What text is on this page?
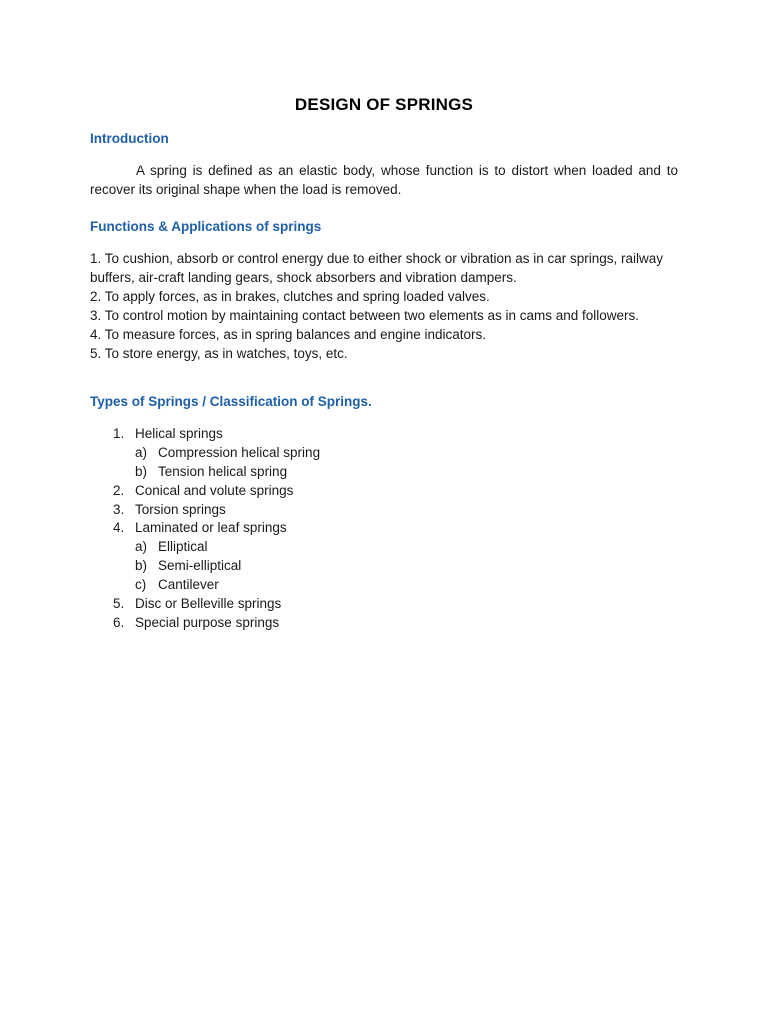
DESIGN OF SPRINGS
Introduction
A spring is defined as an elastic body, whose function is to distort when loaded and to recover its original shape when the load is removed.
Functions & Applications of springs
1. To cushion, absorb or control energy due to either shock or vibration as in car springs, railway buffers, air-craft landing gears, shock absorbers and vibration dampers.
2. To apply forces, as in brakes, clutches and spring loaded valves.
3. To control motion by maintaining contact between two elements as in cams and followers.
4. To measure forces, as in spring balances and engine indicators.
5. To store energy, as in watches, toys, etc.
Types of Springs / Classification of Springs.
1. Helical springs
a) Compression helical spring
b) Tension helical spring
2. Conical and volute springs
3. Torsion springs
4. Laminated or leaf springs
a) Elliptical
b) Semi-elliptical
c) Cantilever
5. Disc or Belleville springs
6. Special purpose springs
